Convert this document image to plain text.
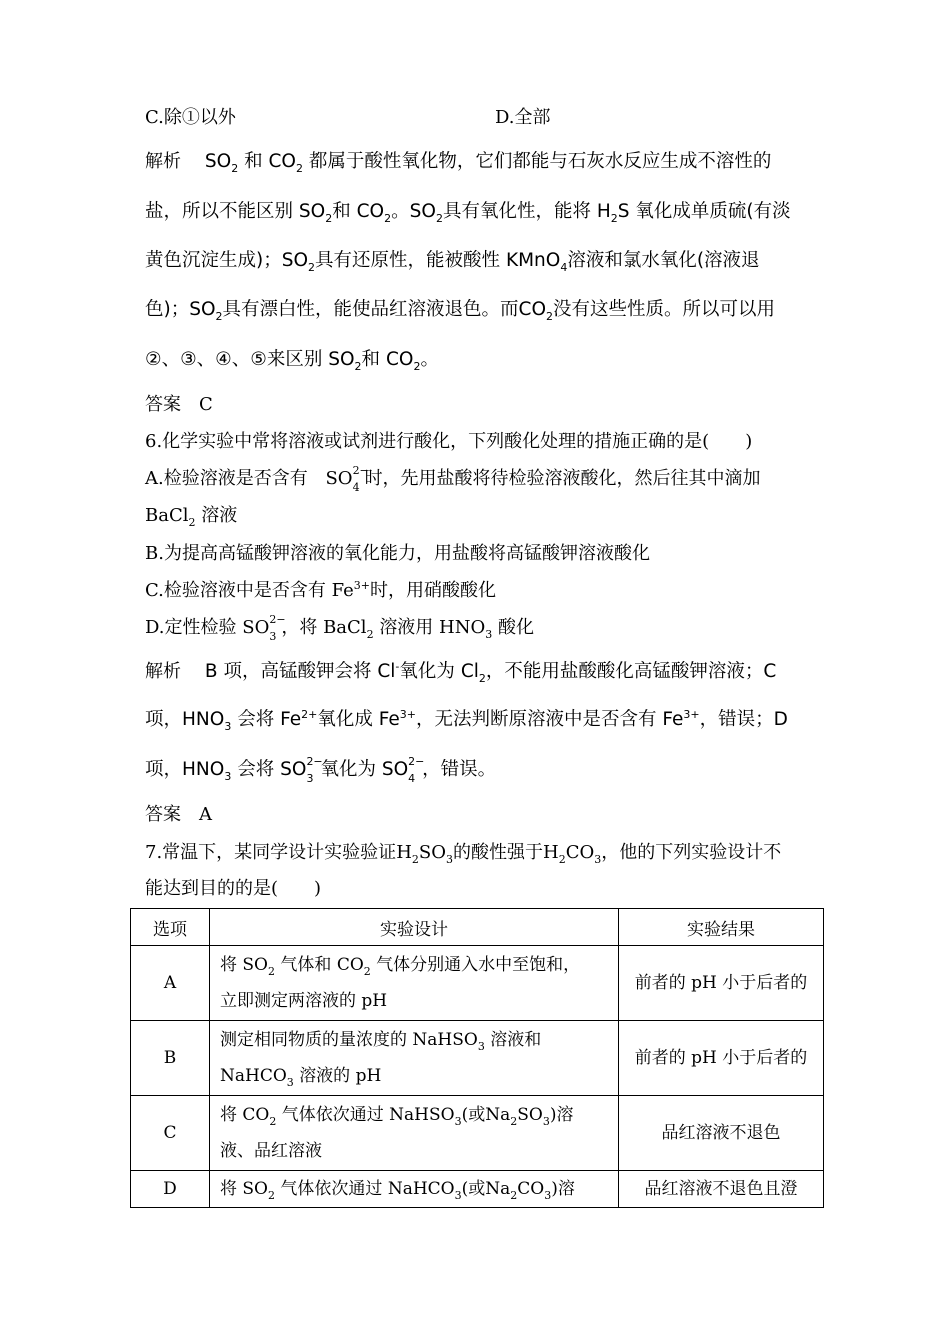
C.除①以外	D.全部
解析 $SO_2$ 和 $CO_2$ 都属于酸性氧化物，它们都能与石灰水反应生成不溶性的
盐，所以不能区别 $SO_2$和 $CO_2$。$SO_2$具有氧化性，能将 $H_2S$ 氧化成单质硫(有淡
黄色沉淀生成)；$SO_2$具有还原性，能被酸性 KMnO$_4$溶液和氯水氧化(溶液退
色)；$SO_2$具有漂白性，能使品红溶液退色。而$CO_2$没有这些性质。所以可以用
②、③、④、⑤来区别 $SO_2$和 $CO_2$。
答案 C
6.化学实验中常将溶液或试剂进行酸化，下列酸化处理的措施正确的是(　　)
A.检验溶液是否含有 SO 2−
4 时，先用盐酸将待检验溶液酸化，然后往其中滴加
BaCl$_2$ 溶液
B.为提高高锰酸钾溶液的氧化能力，用盐酸将高锰酸钾溶液酸化
C.检验溶液中是否含有 $Fe^{3+}$时，用硝酸酸化
D.定性检验 SO 2−
3 ，将 BaCl$_2$ 溶液用 $HNO_3$ 酸化
解析 B 项，高锰酸钾会将 Cl-氧化为 $Cl_2$，不能用盐酸酸化高锰酸钾溶液；C
项，$HNO_3$ 会将 $Fe^{2+}$氧化成 $Fe^{3+}$，无法判断原溶液中是否含有 $Fe^{3+}$，错误；D
项，$HNO_3$ 会将 SO 2−
3 氧化为 SO 2−
4 ，错误。
答案 A
7.常温下，某同学设计实验验证$H_2SO_3$的酸性强于$H_2CO_3$，他的下列实验设计不
能达到目的的是(　　)
选项	实验设计	实验结果
A	将 $SO_2$ 气体和 $CO_2$ 气体分别通入水中至饱和，
立即测定两溶液的 pH	前者的 pH 小于后者的
B	测定相同物质的量浓度的 NaHSO$_3$ 溶液和
NaHCO$_3$ 溶液的 pH	前者的 pH 小于后者的
C	将 $CO_2$ 气体依次通过 NaHSO$_3$(或$Na_2SO_3$)溶
液、品红溶液	品红溶液不退色
D	将 $SO_2$ 气体依次通过 NaHCO$_3$(或$Na_2CO_3$)溶	品红溶液不退色且澄
